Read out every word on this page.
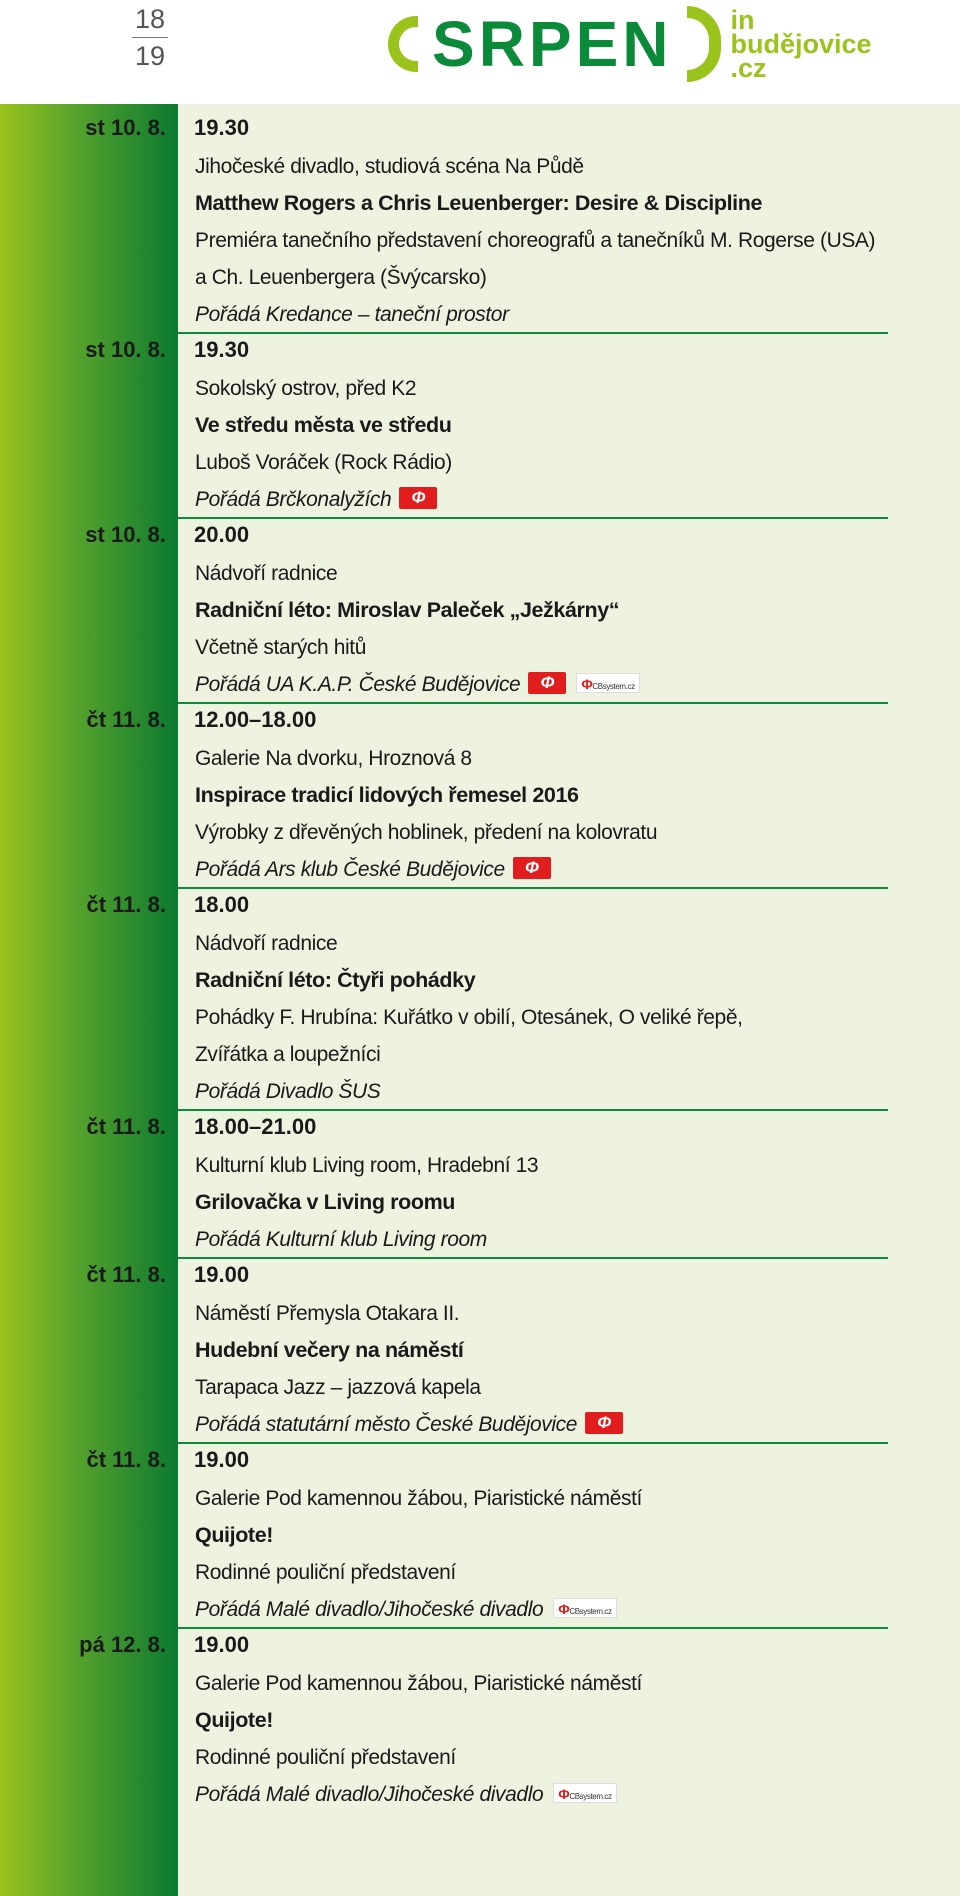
18
19	SRPEN in
budějovice
.cz
st 10. 8. 19.30
Jihočeské divadlo, studiová scéna Na Půdě
Matthew Rogers a Chris Leuenberger: Desire & Discipline
Premiéra tanečního představení choreografů a tanečníků M. Rogerse (USA)
a Ch. Leuenbergera (Švýcarsko)
Pořádá Kredance – taneční prostor
st 10. 8. 19.30
Sokolský ostrov, před K2
Ve středu města ve středu
Luboš Voráček (Rock Rádio)
Pořádá Brčkonalyžích Φ
st 10. 8. 20.00
Nádvoří radnice
Radniční léto: Miroslav Paleček „Ježkárny“
Včetně starých hitů
Pořádá UA K.A.P. České Budějovice Φ ΦCBsystem.cz
čt 11. 8. 12.00–18.00
Galerie Na dvorku, Hroznová 8
Inspirace tradicí lidových řemesel 2016
Výrobky z dřevěných hoblinek, předení na kolovratu
Pořádá Ars klub České Budějovice Φ
čt 11. 8. 18.00
Nádvoří radnice
Radniční léto: Čtyři pohádky
Pohádky F. Hrubína: Kuřátko v obilí, Otesánek, O veliké řepě,
Zvířátka a loupežníci
Pořádá Divadlo ŠUS
čt 11. 8. 18.00–21.00
Kulturní klub Living room, Hradební 13
Grilovačka v Living roomu
Pořádá Kulturní klub Living room
čt 11. 8. 19.00
Náměstí Přemysla Otakara II.
Hudební večery na náměstí
Tarapaca Jazz – jazzová kapela
Pořádá statutární město České Budějovice Φ
čt 11. 8. 19.00
Galerie Pod kamennou žábou, Piaristické náměstí
Quijote!
Rodinné pouliční představení
Pořádá Malé divadlo/Jihočeské divadlo ΦCBsystem.cz
pá 12. 8. 19.00
Galerie Pod kamennou žábou, Piaristické náměstí
Quijote!
Rodinné pouliční představení
Pořádá Malé divadlo/Jihočeské divadlo ΦCBsystem.cz
